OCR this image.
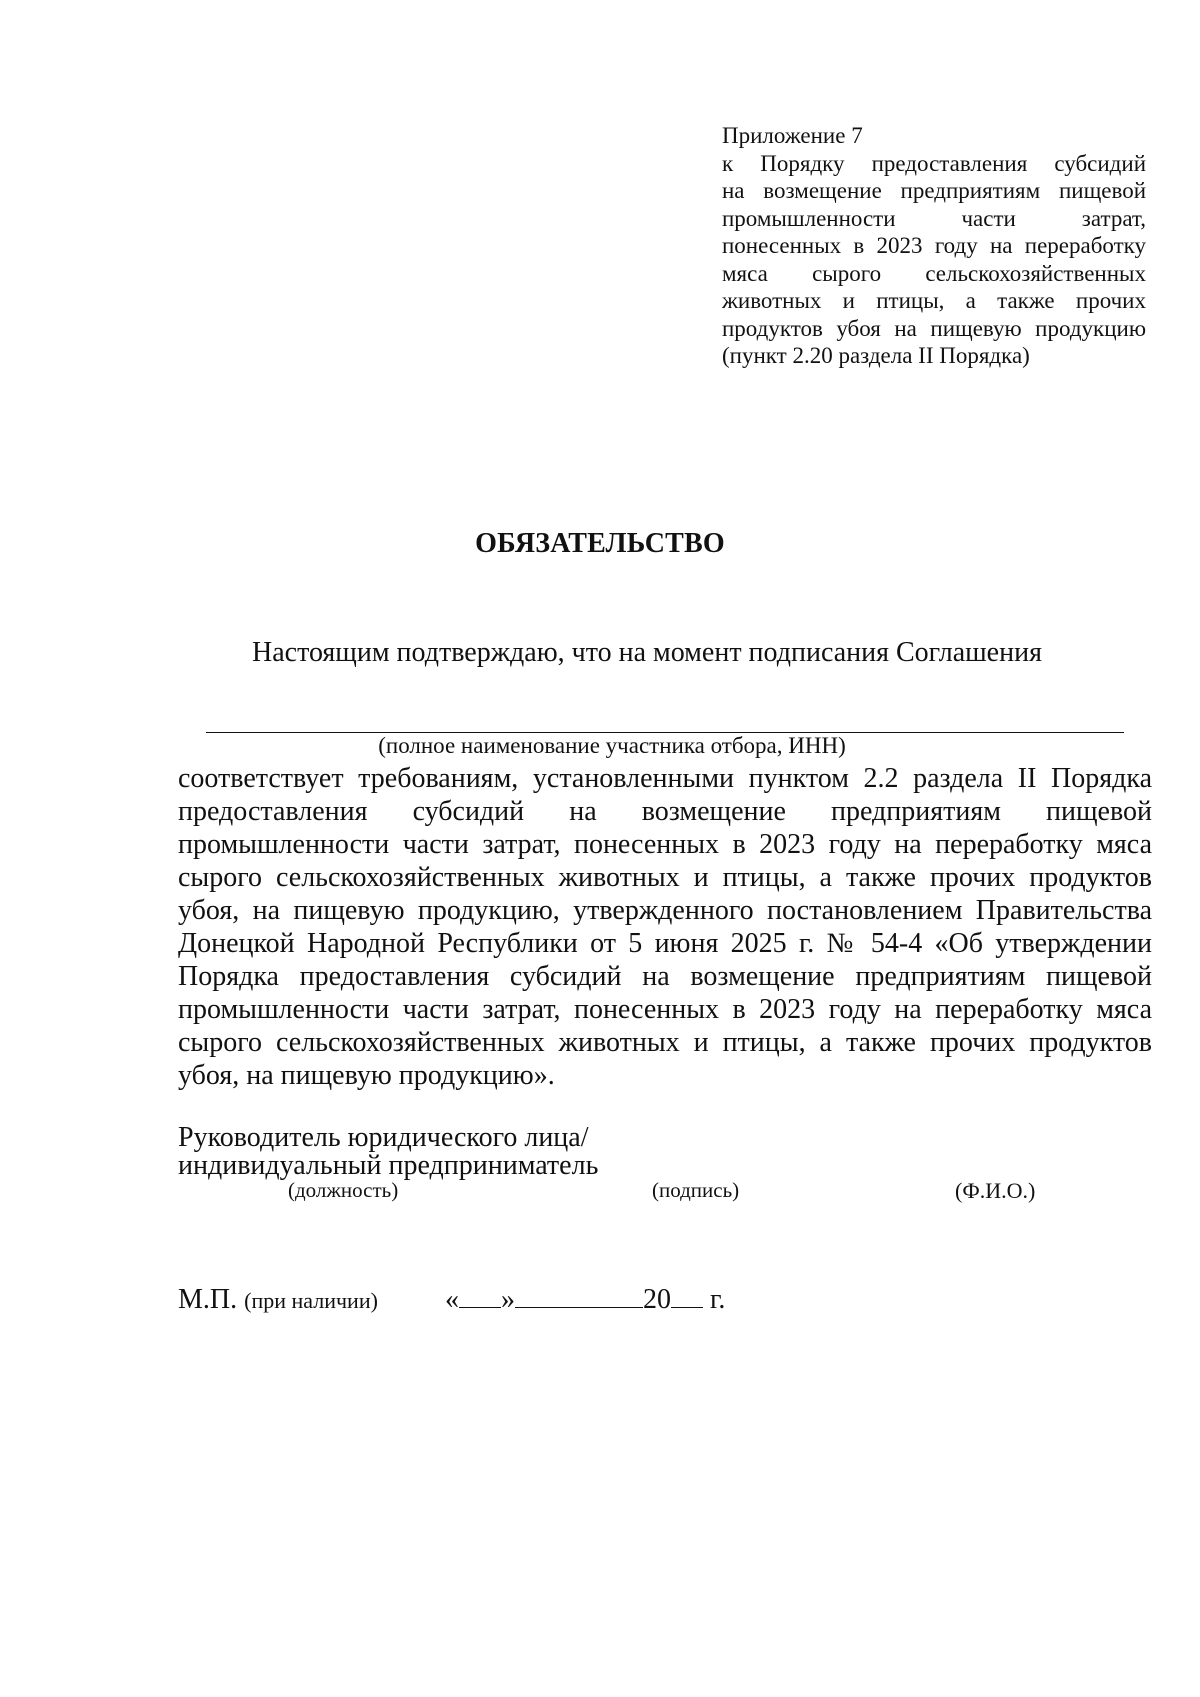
Приложение 7
к Порядку предоставления субсидий
на возмещение предприятиям пищевой
промышленности части затрат,
понесенных в 2023 году на переработку
мяса сырого сельскохозяйственных
животных и птицы, а также прочих
продуктов убоя на пищевую продукцию
(пункт 2.20 раздела II Порядка)
ОБЯЗАТЕЛЬСТВО
Настоящим подтверждаю, что на момент подписания Соглашения
(полное наименование участника отбора, ИНН)
соответствует требованиям, установленными пунктом 2.2 раздела II Порядка
предоставления субсидий на возмещение предприятиям пищевой
промышленности части затрат, понесенных в 2023 году на переработку мяса
сырого сельскохозяйственных животных и птицы, а также прочих продуктов
убоя, на пищевую продукцию, утвержденного постановлением Правительства
Донецкой Народной Республики от 5 июня 2025 г. № 54-4 «Об утверждении
Порядка предоставления субсидий на возмещение предприятиям пищевой
промышленности части затрат, понесенных в 2023 году на переработку мяса
сырого сельскохозяйственных животных и птицы, а также прочих продуктов
убоя, на пищевую продукцию».
Руководитель юридического лица/
индивидуальный предприниматель
(должность)	(подпись)	(Ф.И.О.)
М.П. (при наличии) « »	20 г.
